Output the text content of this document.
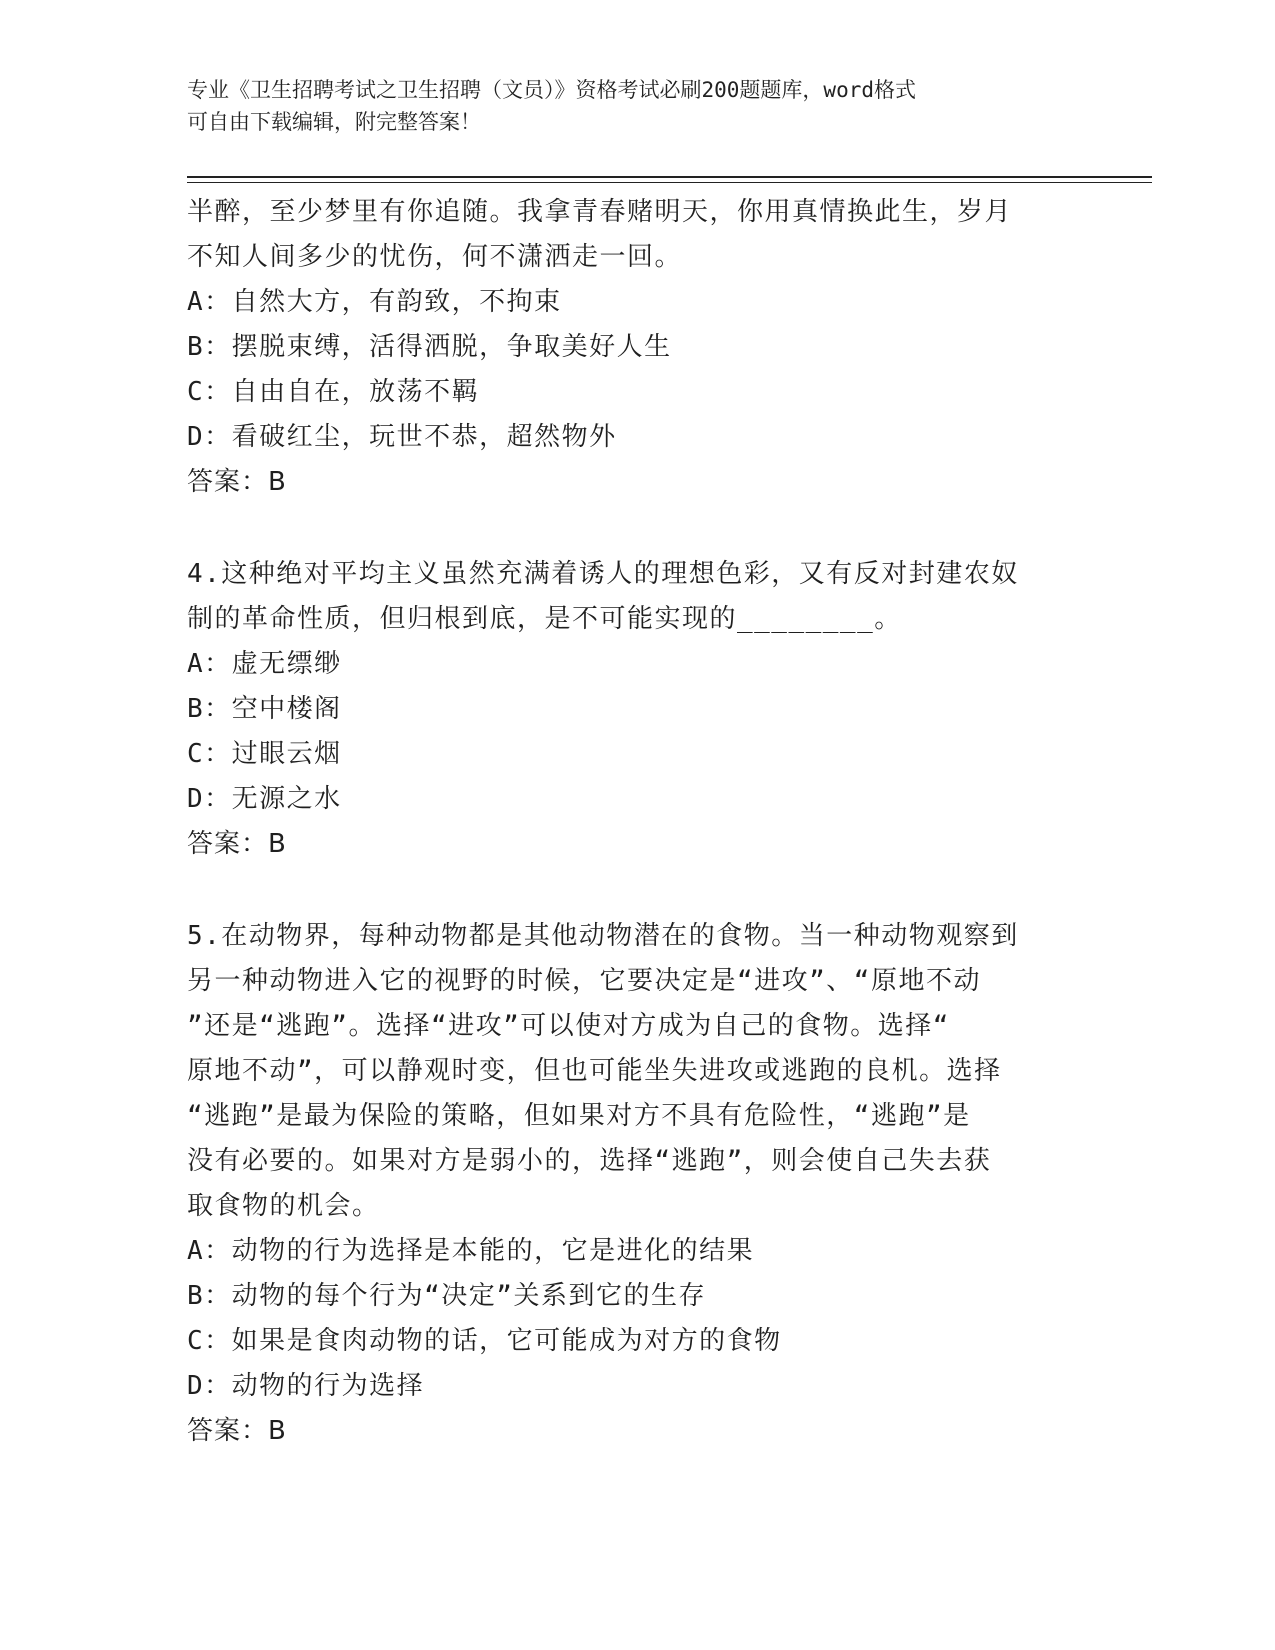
专业《卫生招聘考试之卫生招聘（文员）》资格考试必刷200题题库，word格式
可自由下载编辑，附完整答案！
半醉，至少梦里有你追随。我拿青春赌明天，你用真情换此生，岁月
不知人间多少的忧伤，何不潇洒走一回。
A：自然大方，有韵致，不拘束
B：摆脱束缚，活得洒脱，争取美好人生
C：自由自在，放荡不羁
D：看破红尘，玩世不恭，超然物外
答案：B
4.这种绝对平均主义虽然充满着诱人的理想色彩，又有反对封建农奴
制的革命性质，但归根到底，是不可能实现的________。
A：虚无缥缈
B：空中楼阁
C：过眼云烟
D：无源之水
答案：B
5.在动物界，每种动物都是其他动物潜在的食物。当一种动物观察到
另一种动物进入它的视野的时候，它要决定是“进攻”、“原地不动
”还是“逃跑”。选择“进攻”可以使对方成为自己的食物。选择“
原地不动”，可以静观时变，但也可能坐失进攻或逃跑的良机。选择
“逃跑”是最为保险的策略，但如果对方不具有危险性，“逃跑”是
没有必要的。如果对方是弱小的，选择“逃跑”，则会使自己失去获
取食物的机会。
A：动物的行为选择是本能的，它是进化的结果
B：动物的每个行为“决定”关系到它的生存
C：如果是食肉动物的话，它可能成为对方的食物
D：动物的行为选择
答案：B
